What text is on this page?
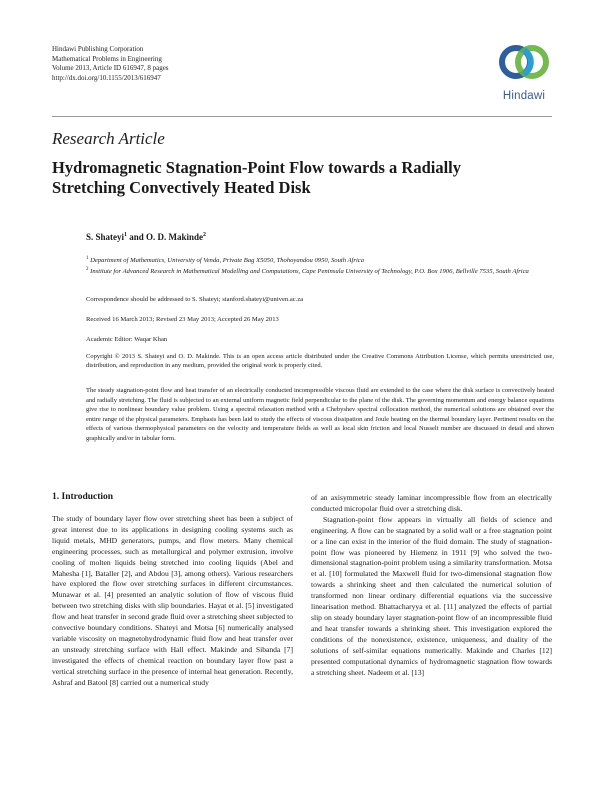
Hindawi Publishing Corporation
Mathematical Problems in Engineering
Volume 2013, Article ID 616947, 8 pages
http://dx.doi.org/10.1155/2013/616947
Hindawi
Research Article
Hydromagnetic Stagnation-Point Flow towards a Radially Stretching Convectively Heated Disk
S. Shateyi$^1$ and O. D. Makinde$^2$
$^1$ Department of Mathematics, University of Venda, Private Bag X5050, Thohoyandou 0950, South Africa
$^2$ Institute for Advanced Research in Mathematical Modelling and Computations, Cape Peninsula University of Technology, P.O. Box 1906, Bellville 7535, South Africa
Correspondence should be addressed to S. Shateyi; stanford.shateyi@univen.ac.za
Received 16 March 2013; Revised 23 May 2013; Accepted 26 May 2013
Academic Editor: Waqar Khan
Copyright © 2013 S. Shateyi and O. D. Makinde. This is an open access article distributed under the Creative Commons Attribution License, which permits unrestricted use, distribution, and reproduction in any medium, provided the original work is properly cited.
The steady stagnation-point flow and heat transfer of an electrically conducted incompressible viscous fluid are extended to the case where the disk surface is convectively heated and radially stretching. The fluid is subjected to an external uniform magnetic field perpendicular to the plane of the disk. The governing momentum and energy balance equations give rise to nonlinear boundary value problem. Using a spectral relaxation method with a Chebyshev spectral collocation method, the numerical solutions are obtained over the entire range of the physical parameters. Emphasis has been laid to study the effects of viscous dissipation and Joule heating on the thermal boundary layer. Pertinent results on the effects of various thermophysical parameters on the velocity and temperature fields as well as local skin friction and local Nusselt number are discussed in detail and shown graphically and/or in tabular form.
1. Introduction

The study of boundary layer flow over stretching sheet has been a subject of great interest due to its applications in designing cooling systems such as liquid metals, MHD generators, pumps, and flow meters. Many chemical engineering processes, such as metallurgical and polymer extrusion, involve cooling of molten liquids being stretched into cooling liquids (Abel and Mahesha [1], Bataller [2], and Abdou [3], among others). Various researchers have explored the flow over stretching surfaces in different circumstances. Munawar et al. [4] presented an analytic solution of flow of viscous fluid between two stretching disks with slip boundaries. Hayat et al. [5] investigated flow and heat transfer in second grade fluid over a stretching sheet subjected to convective boundary conditions. Shateyi and Motsa [6] numerically analysed variable viscosity on magnetohydrodynamic fluid flow and heat transfer over an unsteady stretching surface with Hall effect. Makinde and Sibanda [7] investigated the effects of chemical reaction on boundary layer flow past a vertical stretching surface in the presence of internal heat generation. Recently, Ashraf and Batool [8] carried out a numerical study

of an axisymmetric steady laminar incompressible flow from an electrically conducted micropolar fluid over a stretching disk.

Stagnation-point flow appears in virtually all fields of science and engineering. A flow can be stagnated by a solid wall or a free stagnation point or a line can exist in the interior of the fluid domain. The study of stagnation-point flow was pioneered by Hiemenz in 1911 [9] who solved the two-dimensional stagnation-point problem using a similarity transformation. Motsa et al. [10] formulated the Maxwell fluid for two-dimensional stagnation flow towards a shrinking sheet and then calculated the numerical solution of transformed non linear ordinary differential equations via the successive linearisation method. Bhattacharyya et al. [11] analyzed the effects of partial slip on steady boundary layer stagnation-point flow of an incompressible fluid and heat transfer towards a shrinking sheet. This investigation explored the conditions of the nonexistence, existence, uniqueness, and duality of the solutions of self-similar equations numerically. Makinde and Charles [12] presented computational dynamics of hydromagnetic stagnation flow towards a stretching sheet. Nadeem et al. [13]
